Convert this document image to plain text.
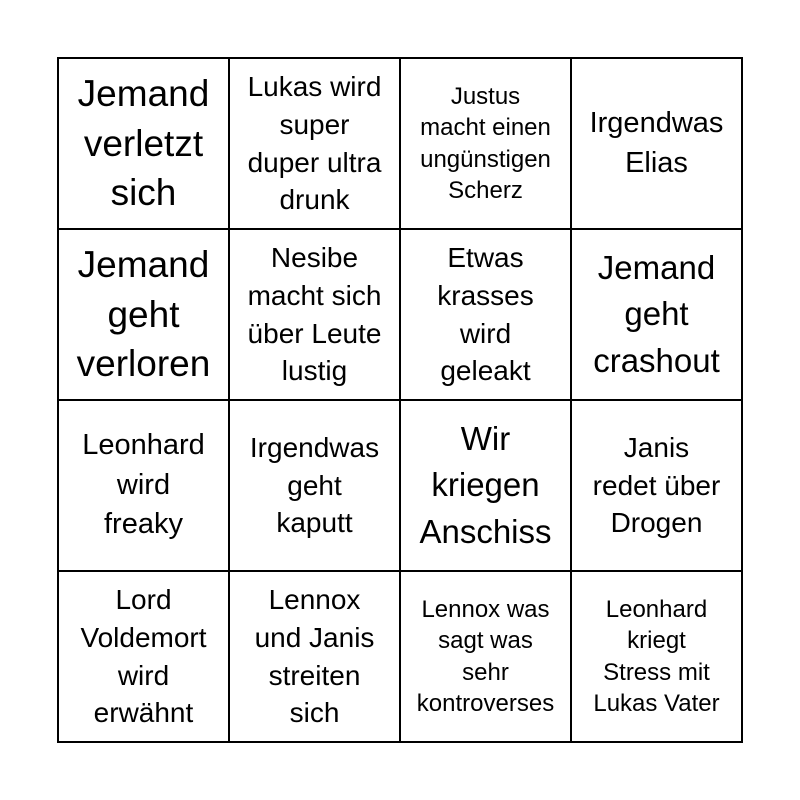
Jemand
verletzt
sich
Lukas wird
super
duper ultra
drunk
Justus
macht einen
ungünstigen
Scherz
Irgendwas
Elias
Jemand
geht
verloren
Nesibe
macht sich
über Leute
lustig
Etwas
krasses
wird
geleakt
Jemand
geht
crashout
Leonhard
wird
freaky
Irgendwas
geht
kaputt
Wir
kriegen
Anschiss
Janis
redet über
Drogen
Lord
Voldemort
wird
erwähnt
Lennox
und Janis
streiten
sich
Lennox was
sagt was
sehr
kontroverses
Leonhard
kriegt
Stress mit
Lukas Vater
